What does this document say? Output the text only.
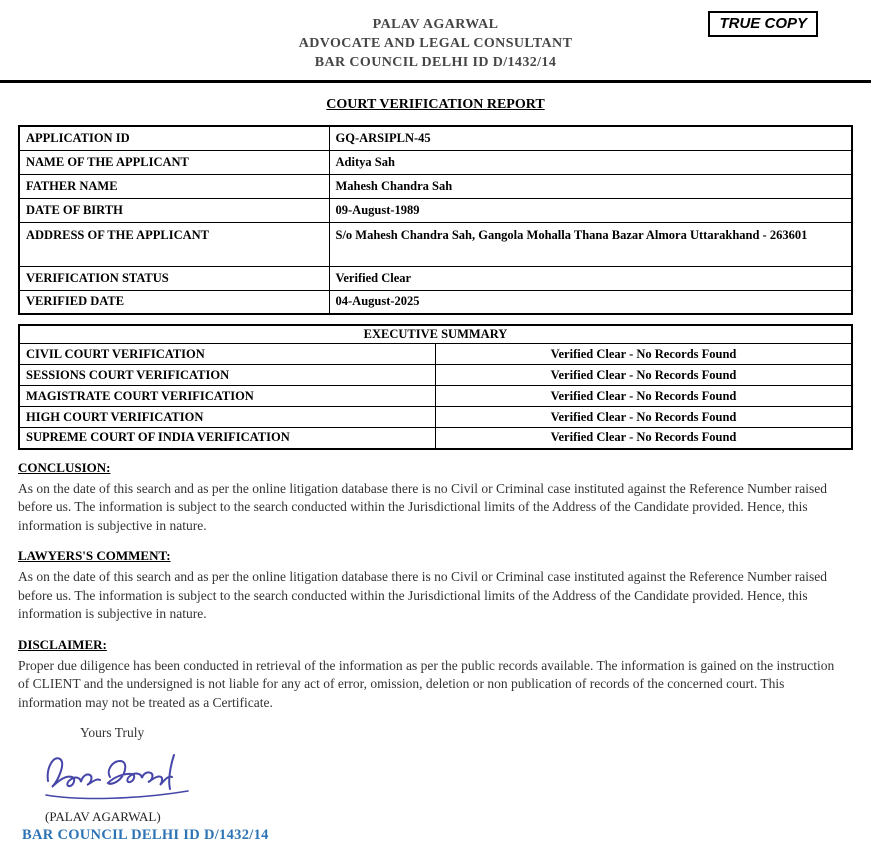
PALAV AGARWAL
ADVOCATE AND LEGAL CONSULTANT
BAR COUNCIL DELHI ID D/1432/14
TRUE COPY
COURT VERIFICATION REPORT
APPLICATION ID	GQ-ARSIPLN-45
NAME OF THE APPLICANT	Aditya Sah
FATHER NAME	Mahesh Chandra Sah
DATE OF BIRTH	09-August-1989
ADDRESS OF THE APPLICANT	S/o Mahesh Chandra Sah, Gangola Mohalla Thana Bazar Almora Uttarakhand - 263601
VERIFICATION STATUS	Verified Clear
VERIFIED DATE	04-August-2025
EXECUTIVE SUMMARY	
CIVIL COURT VERIFICATION	Verified Clear - No Records Found
SESSIONS COURT VERIFICATION	Verified Clear - No Records Found
MAGISTRATE COURT VERIFICATION	Verified Clear - No Records Found
HIGH COURT VERIFICATION	Verified Clear - No Records Found
SUPREME COURT OF INDIA VERIFICATION	Verified Clear - No Records Found
CONCLUSION:
As on the date of this search and as per the online litigation database there is no Civil or Criminal case instituted against the Reference Number raised before us. The information is subject to the search conducted within the Jurisdictional limits of the Address of the Candidate provided. Hence, this information is subjective in nature.
LAWYERS'S COMMENT:
As on the date of this search and as per the online litigation database there is no Civil or Criminal case instituted against the Reference Number raised before us. The information is subject to the search conducted within the Jurisdictional limits of the Address of the Candidate provided. Hence, this information is subjective in nature.
DISCLAIMER:
Proper due diligence has been conducted in retrieval of the information as per the public records available. The information is gained on the instruction of CLIENT and the undersigned is not liable for any act of error, omission, deletion or non publication of records of the concerned court. This information may not be treated as a Certificate.
Yours Truly
(PALAV AGARWAL)
BAR COUNCIL DELHI ID D/1432/14
